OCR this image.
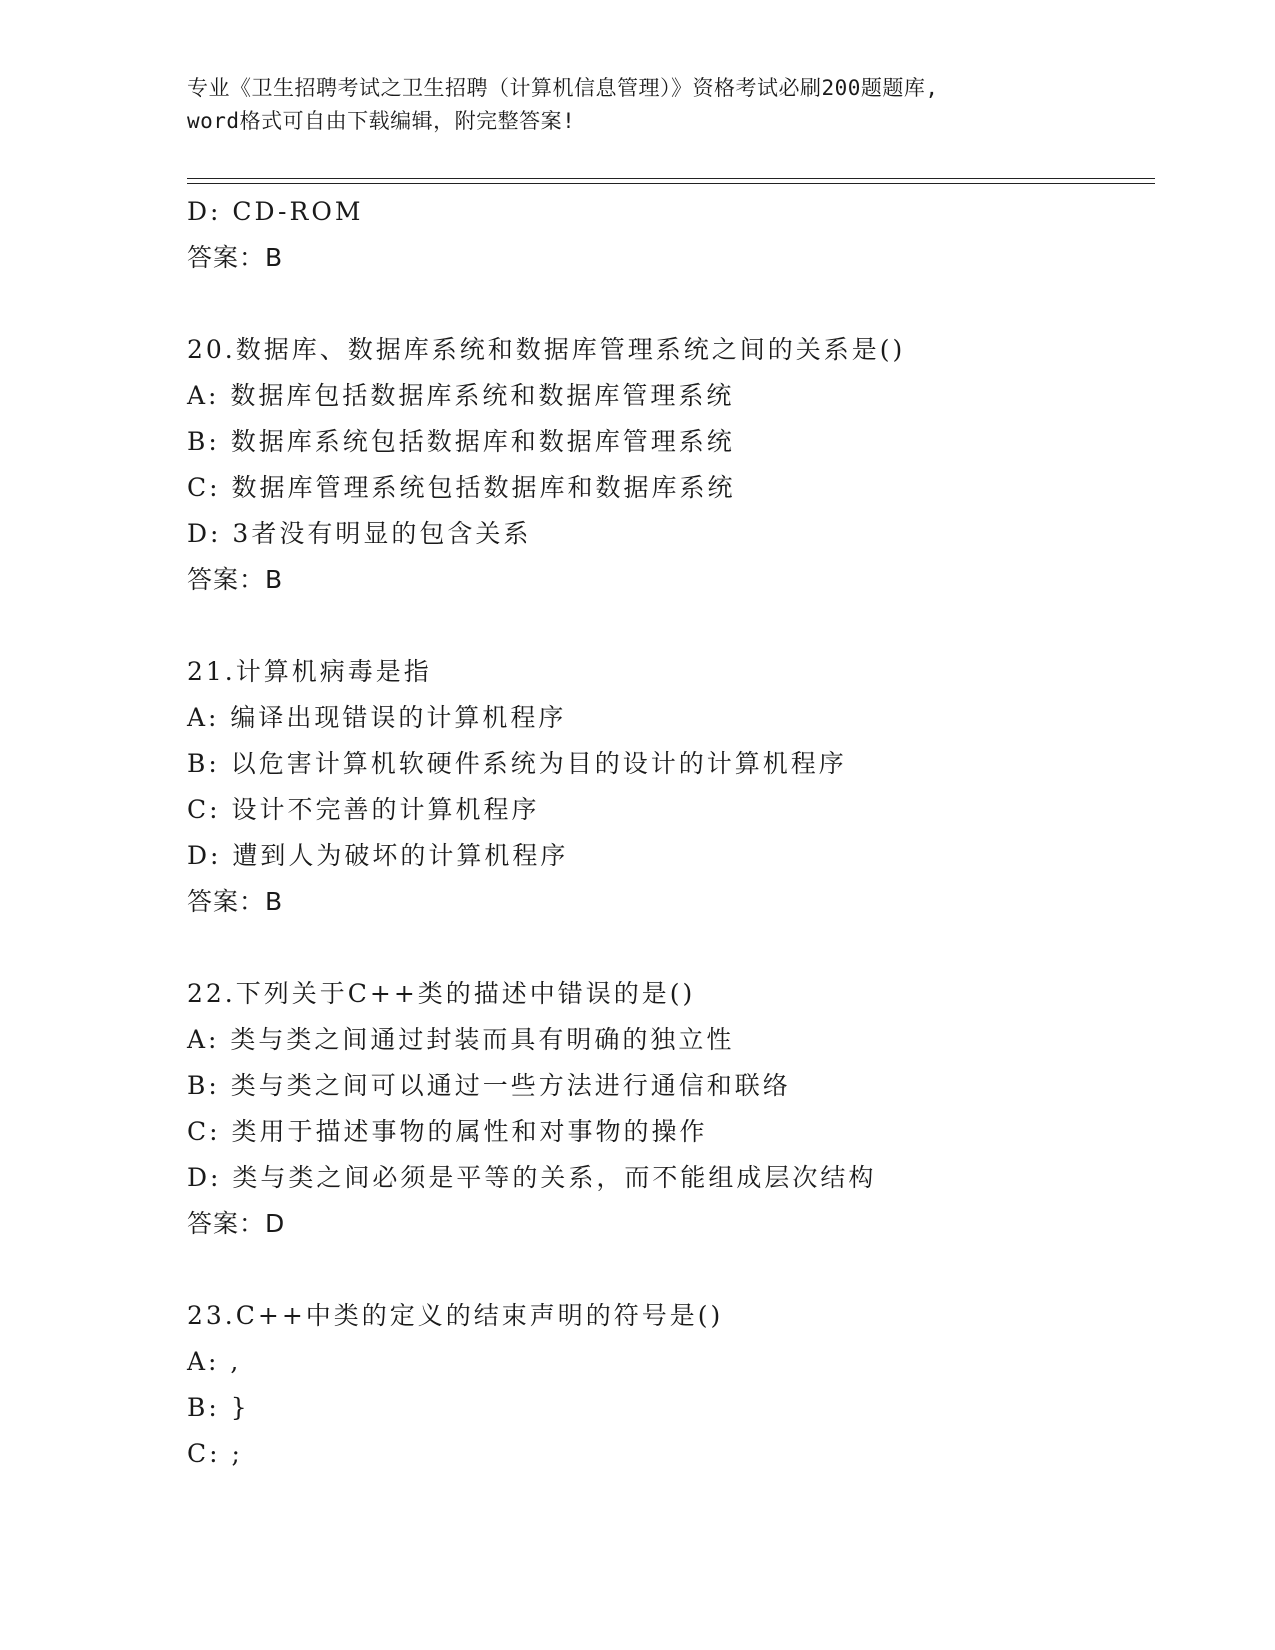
专业《卫生招聘考试之卫生招聘（计算机信息管理）》资格考试必刷200题题库,
word格式可自由下载编辑，附完整答案!
D: CD-ROM
答案：B
20.数据库、数据库系统和数据库管理系统之间的关系是()
A: 数据库包括数据库系统和数据库管理系统
B: 数据库系统包括数据库和数据库管理系统
C: 数据库管理系统包括数据库和数据库系统
D: 3者没有明显的包含关系
答案：B
21.计算机病毒是指
A: 编译出现错误的计算机程序
B: 以危害计算机软硬件系统为目的设计的计算机程序
C: 设计不完善的计算机程序
D: 遭到人为破坏的计算机程序
答案：B
22.下列关于C++类的描述中错误的是()
A: 类与类之间通过封装而具有明确的独立性
B: 类与类之间可以通过一些方法进行通信和联络
C: 类用于描述事物的属性和对事物的操作
D: 类与类之间必须是平等的关系，而不能组成层次结构
答案：D
23.C++中类的定义的结束声明的符号是()
A: ,
B: }
C: ;
